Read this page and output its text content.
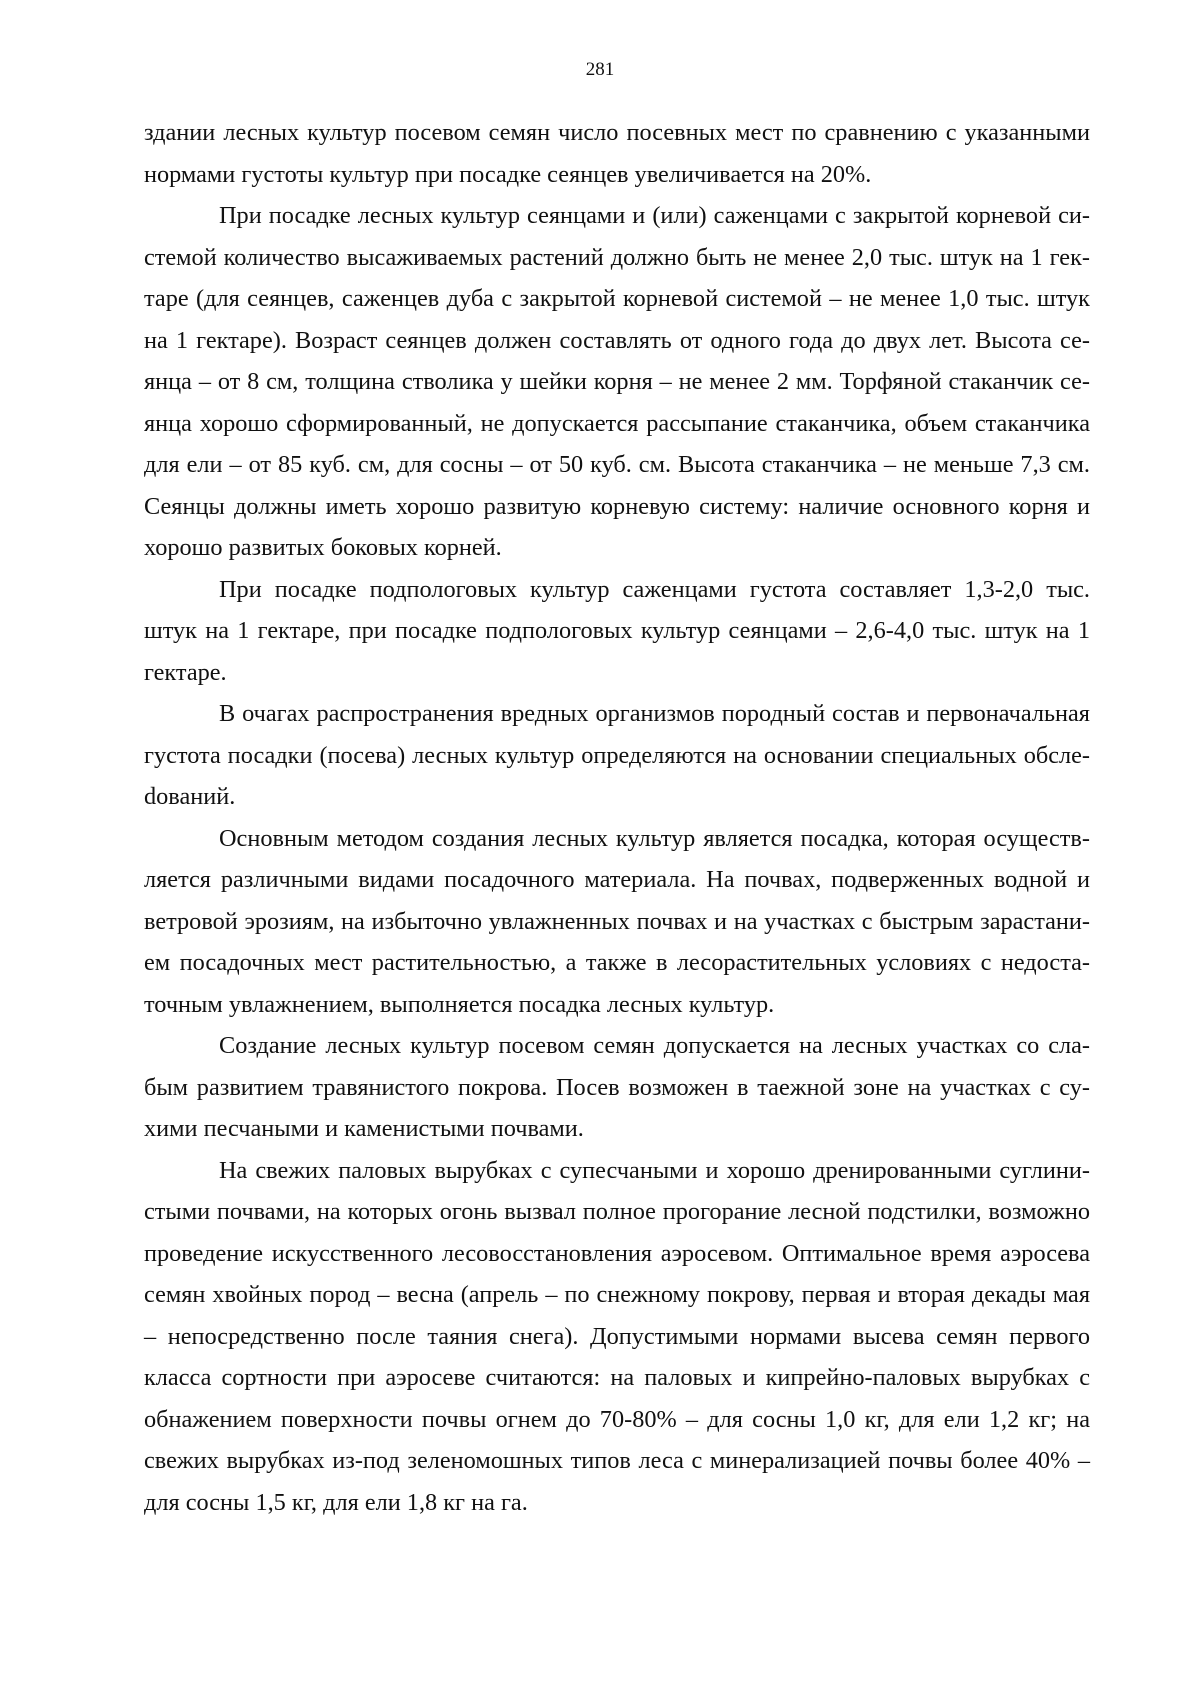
281

здании лесных культур посевом семян число посевных мест по сравнению с указанными нормами густоты культур при посадке сеянцев увеличивается на 20%.

При посадке лесных культур сеянцами и (или) саженцами с закрытой корневой системой количество высаживаемых растений должно быть не менее 2,0 тыс. штук на 1 гектаре (для сеянцев, саженцев дуба с закрытой корневой системой – не менее 1,0 тыс. штук на 1 гектаре). Возраст сеянцев должен составлять от одного года до двух лет. Высота сеянца – от 8 см, толщина стволика у шейки корня – не менее 2 мм. Торфяной стаканчик сеянца хорошо сформированный, не допускается рассыпание стаканчика, объем стаканчика для ели – от 85 куб. см, для сосны – от 50 куб. см. Высота стаканчика – не меньше 7,3 см. Сеянцы должны иметь хорошо развитую корневую систему: наличие основного корня и хорошо развитых боковых корней.

При посадке подпологовых культур саженцами густота составляет 1,3-2,0 тыс. штук на 1 гектаре, при посадке подпологовых культур сеянцами – 2,6-4,0 тыс. штук на 1 гектаре.

В очагах распространения вредных организмов породный состав и первоначальная густота посадки (посева) лесных культур определяются на основании специальных обслеdований.

Основным методом создания лесных культур является посадка, которая осуществляется различными видами посадочного материала. На почвах, подверженных водной и ветровой эрозиям, на избыточно увлажненных почвах и на участках с быстрым зарастанием посадочных мест растительностью, а также в лесорастительных условиях с недостаточным увлажнением, выполняется посадка лесных культур.

Создание лесных культур посевом семян допускается на лесных участках со слабым развитием травянистого покрова. Посев возможен в таежной зоне на участках с сухими песчаными и каменистыми почвами.

На свежих паловых вырубках с супесчаными и хорошо дренированными суглинистыми почвами, на которых огонь вызвал полное прогорание лесной подстилки, возможно проведение искусственного лесовосстановления аэросевом. Оптимальное время аэросева семян хвойных пород – весна (апрель – по снежному покрову, первая и вторая декады мая – непосредственно после таяния снега). Допустимыми нормами высева семян первого класса сортности при аэросеве считаются: на паловых и кипрейно-паловых вырубках с обнажением поверхности почвы огнем до 70-80% – для сосны 1,0 кг, для ели 1,2 кг; на свежих вырубках из-под зеленомошных типов леса с минерализацией почвы более 40% – для сосны 1,5 кг, для ели 1,8 кг на га.
